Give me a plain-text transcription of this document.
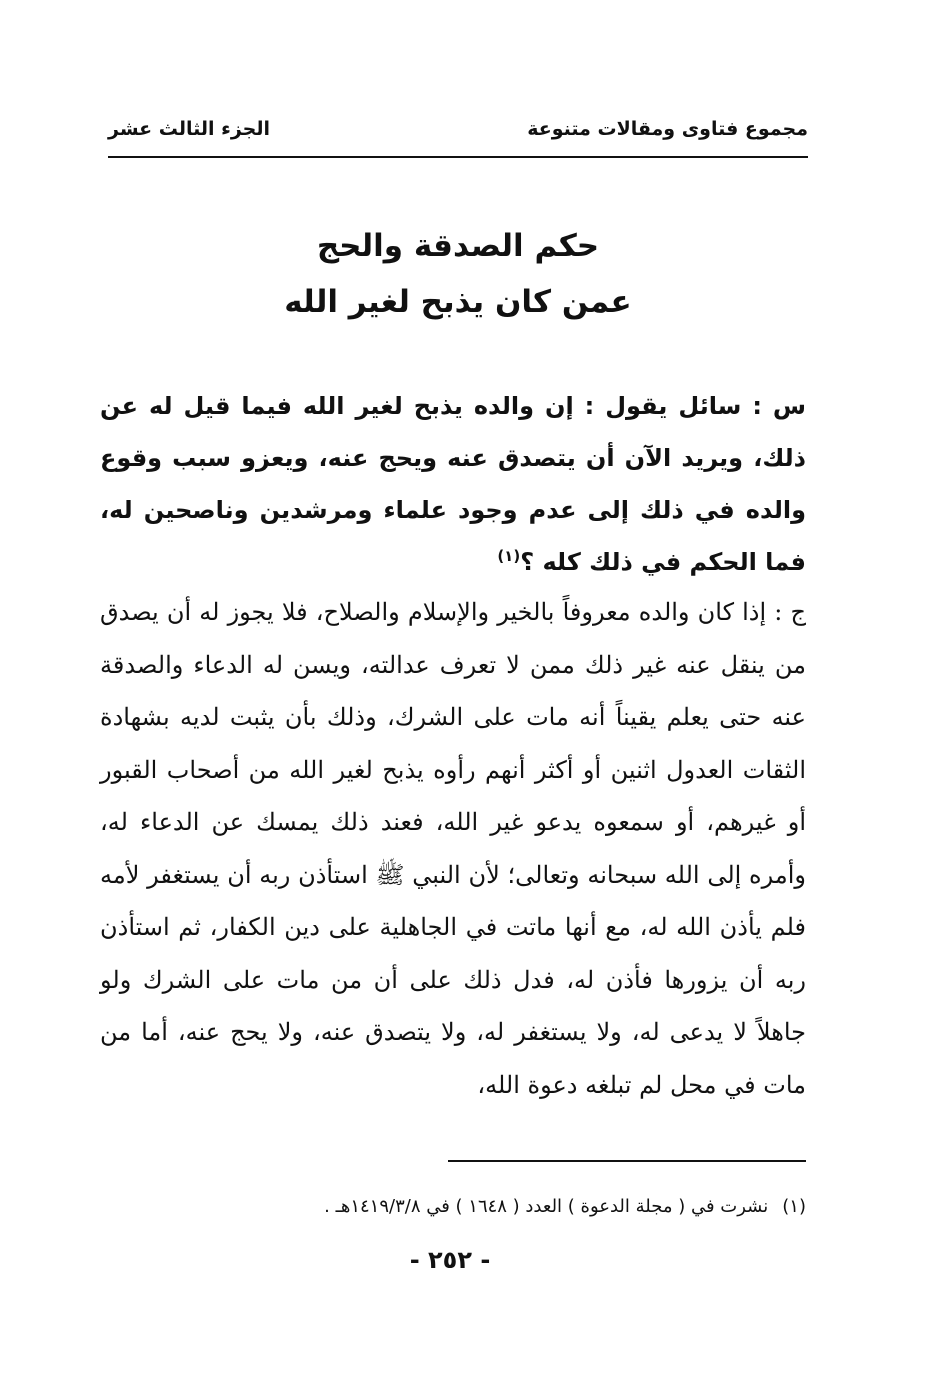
مجموع فتاوى ومقالات متنوعة
الجزء الثالث عشر
حكم الصدقة والحج
عمن كان يذبح لغير الله
س : سائل يقول : إن والده يذبح لغير الله فيما قيل له عن ذلك، ويريد الآن أن يتصدق عنه ويحج عنه، ويعزو سبب وقوع والده في ذلك إلى عدم وجود علماء ومرشدين وناصحين له، فما الحكم في ذلك كله ؟$^{(١)}$
ج : إذا كان والده معروفاً بالخير والإسلام والصلاح، فلا يجوز له أن يصدق من ينقل عنه غير ذلك ممن لا تعرف عدالته، ويسن له الدعاء والصدقة عنه حتى يعلم يقيناً أنه مات على الشرك، وذلك بأن يثبت لديه بشهادة الثقات العدول اثنين أو أكثر أنهم رأوه يذبح لغير الله من أصحاب القبور أو غيرهم، أو سمعوه يدعو غير الله، فعند ذلك يمسك عن الدعاء له، وأمره إلى الله سبحانه وتعالى؛ لأن النبي ﷺ استأذن ربه أن يستغفر لأمه فلم يأذن الله له، مع أنها ماتت في الجاهلية على دين الكفار، ثم استأذن ربه أن يزورها فأذن له، فدل ذلك على أن من مات على الشرك ولو جاهلاً لا يدعى له، ولا يستغفر له، ولا يتصدق عنه، ولا يحج عنه، أما من مات في محل لم تبلغه دعوة الله،
(١)نشرت في ( مجلة الدعوة ) العدد ( ١٦٤٨ ) في ١٤١٩/٣/٨هـ .
- ٢٥٢ -
